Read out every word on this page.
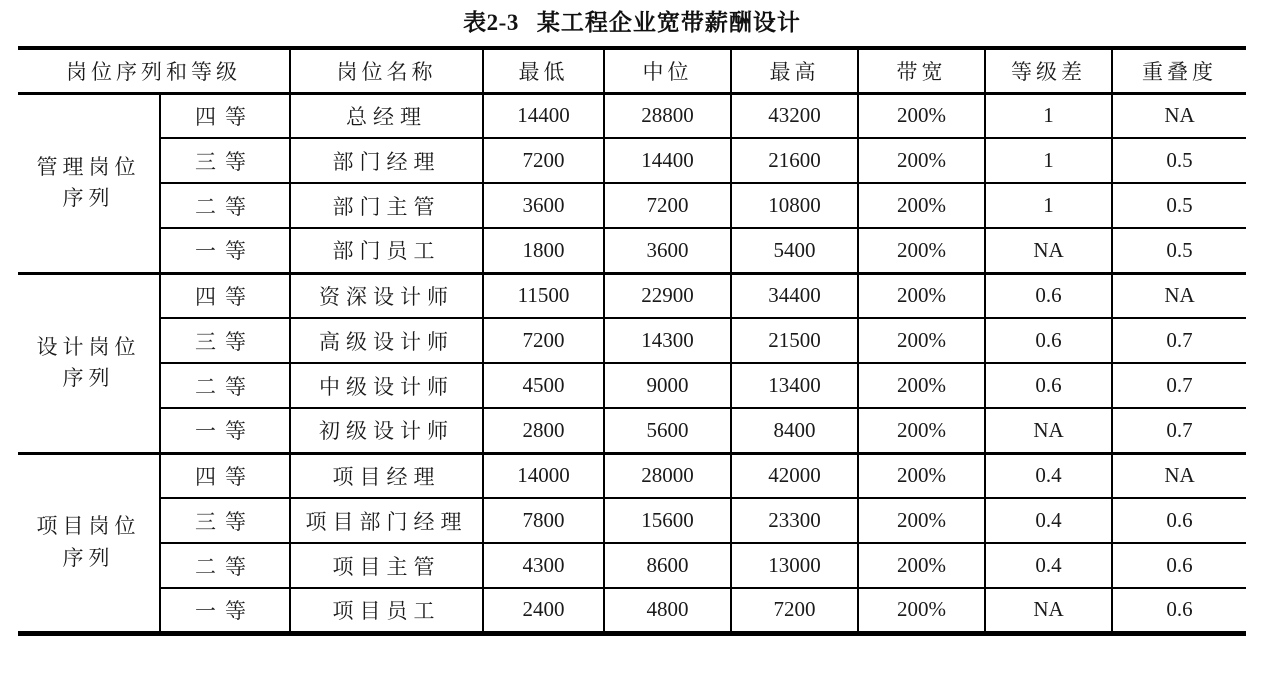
表2-3 某工程企业宽带薪酬设计
岗位序列和等级		岗位名称	最低	中位	最高	带宽	等级差	重叠度

管理岗位
序列	四等	总经理	14400	28800	43200	200%	1	NA
	三等	部门经理	7200	14400	21600	200%	1	0.5
	二等	部门主管	3600	7200	10800	200%	1	0.5
	一等	部门员工	1800	3600	5400	200%	NA	0.5

设计岗位
序列	四等	资深设计师	11500	22900	34400	200%	0.6	NA
	三等	高级设计师	7200	14300	21500	200%	0.6	0.7
	二等	中级设计师	4500	9000	13400	200%	0.6	0.7
	一等	初级设计师	2800	5600	8400	200%	NA	0.7

项目岗位
序列	四等	项目经理	14000	28000	42000	200%	0.4	NA
	三等	项目部门经理	7800	15600	23300	200%	0.4	0.6
	二等	项目主管	4300	8600	13000	200%	0.4	0.6
	一等	项目员工	2400	4800	7200	200%	NA	0.6
